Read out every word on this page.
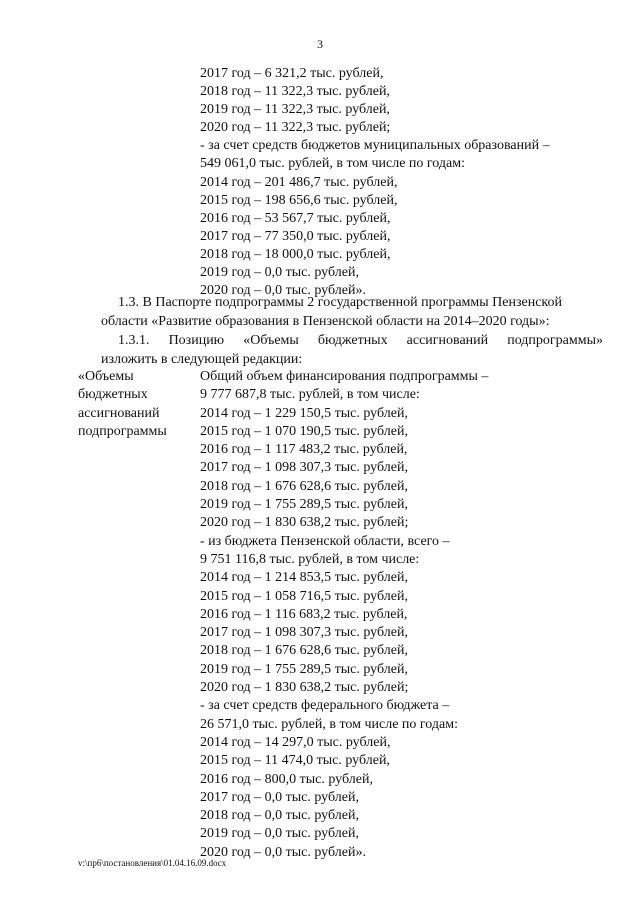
3
2017 год – 6 321,2 тыс. рублей,
2018 год – 11 322,3 тыс. рублей,
2019 год – 11 322,3 тыс. рублей,
2020 год – 11 322,3 тыс. рублей;
- за счет средств бюджетов муниципальных образований –
549 061,0 тыс. рублей, в том числе по годам:
2014 год – 201 486,7 тыс. рублей,
2015 год – 198 656,6 тыс. рублей,
2016 год – 53 567,7 тыс. рублей,
2017 год – 77 350,0 тыс. рублей,
2018 год – 18 000,0 тыс. рублей,
2019 год – 0,0 тыс. рублей,
2020 год – 0,0 тыс. рублей».
1.3. В Паспорте подпрограммы 2 государственной программы Пензенской
области «Развитие образования в Пензенской области на 2014–2020 годы»:
1.3.1. Позицию «Объемы бюджетных ассигнований подпрограммы»
изложить в следующей редакции:
«Объемы
бюджетных
ассигнований
подпрограммы
Общий объем финансирования подпрограммы –
9 777 687,8 тыс. рублей, в том числе:
2014 год – 1 229 150,5 тыс. рублей,
2015 год – 1 070 190,5 тыс. рублей,
2016 год – 1 117 483,2 тыс. рублей,
2017 год – 1 098 307,3 тыс. рублей,
2018 год – 1 676 628,6 тыс. рублей,
2019 год – 1 755 289,5 тыс. рублей,
2020 год – 1 830 638,2 тыс. рублей;
- из бюджета Пензенской области, всего –
9 751 116,8 тыс. рублей, в том числе:
2014 год – 1 214 853,5 тыс. рублей,
2015 год – 1 058 716,5 тыс. рублей,
2016 год – 1 116 683,2 тыс. рублей,
2017 год – 1 098 307,3 тыс. рублей,
2018 год – 1 676 628,6 тыс. рублей,
2019 год – 1 755 289,5 тыс. рублей,
2020 год – 1 830 638,2 тыс. рублей;
- за счет средств федерального бюджета –
26 571,0 тыс. рублей, в том числе по годам:
2014 год – 14 297,0 тыс. рублей,
2015 год – 11 474,0 тыс. рублей,
2016 год – 800,0 тыс. рублей,
2017 год – 0,0 тыс. рублей,
2018 год – 0,0 тыс. рублей,
2019 год – 0,0 тыс. рублей,
2020 год – 0,0 тыс. рублей».
v:\пр6\постановления\01.04.16.09.docx
